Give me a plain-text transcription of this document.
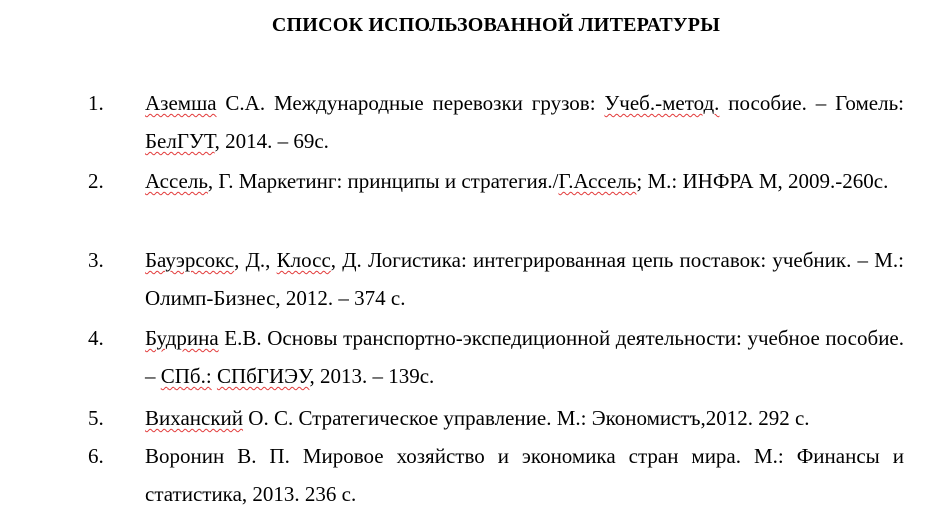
СПИСОК ИСПОЛЬЗОВАННОЙ ЛИТЕРАТУРЫ
1. Аземша С.А. Международные перевозки грузов: Учеб.-метод. пособие. – Гомель: БелГУТ, 2014. – 69с.
2. Ассель, Г. Маркетинг: принципы и стратегия./Г.Ассель; М.: ИНФРА М, 2009.-260с.
3. Бауэрсокс, Д., Клосс, Д. Логистика: интегрированная цепь поставок: учебник. – М.: Олимп-Бизнес, 2012. – 374 с.
4. Будрина Е.В. Основы транспортно-экспедиционной деятельности: учебное пособие. – СПб.: СПбГИЭУ, 2013. – 139с.
5. Виханский О. С. Стратегическое управление. М.: Экономистъ,2012. 292 с.
6. Воронин В. П. Мировое хозяйство и экономика стран мира. М.: Финансы и статистика, 2013. 236 с.
